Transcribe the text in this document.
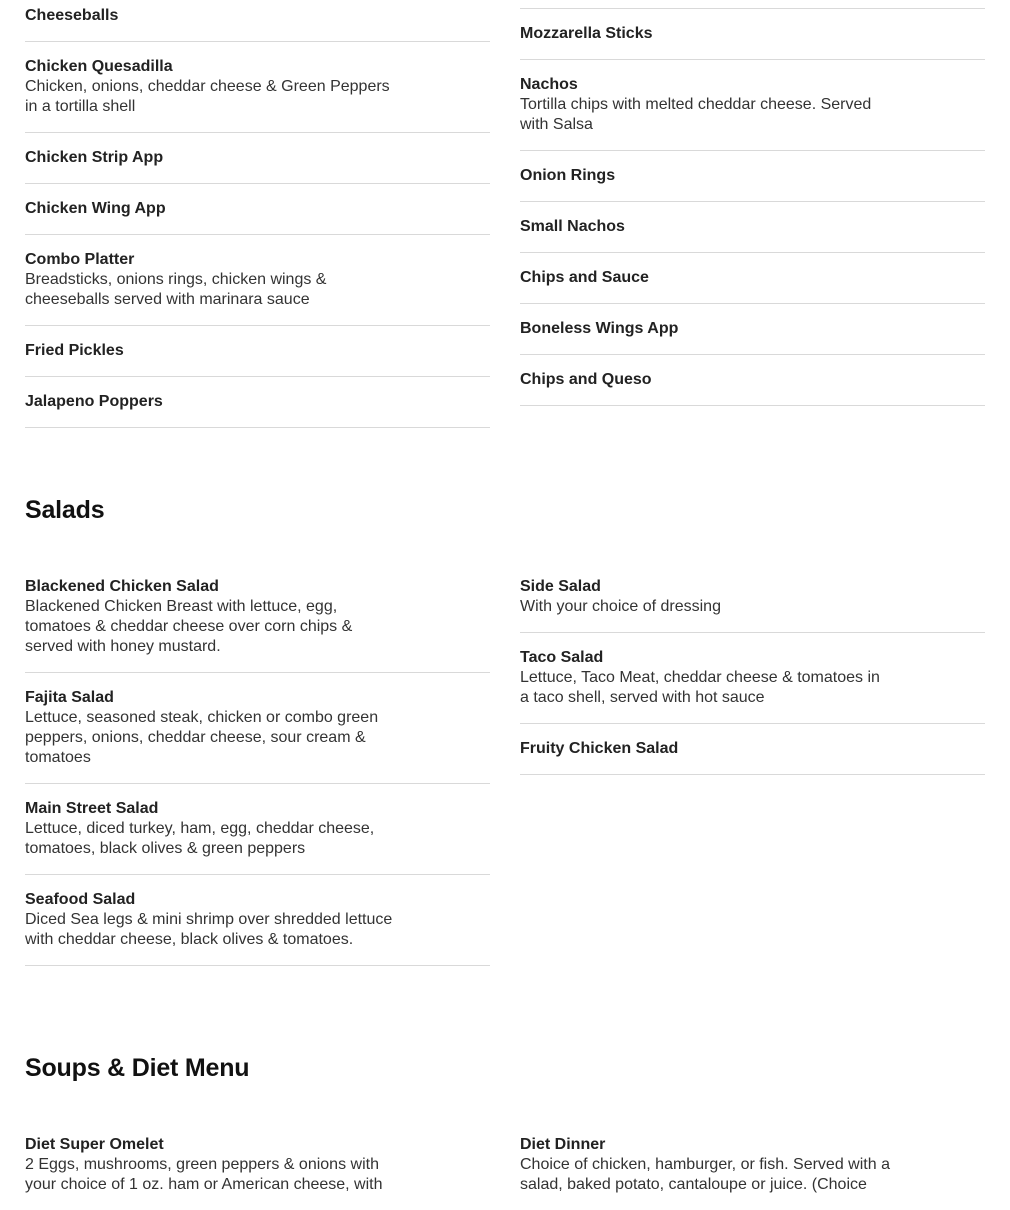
Cheeseballs
Chicken Quesadilla
Chicken, onions, cheddar cheese & Green Peppers in a tortilla shell
Chicken Strip App
Chicken Wing App
Combo Platter
Breadsticks, onions rings, chicken wings & cheeseballs served with marinara sauce
Fried Pickles
Jalapeno Poppers
Mozzarella Sticks
Nachos
Tortilla chips with melted cheddar cheese. Served with Salsa
Onion Rings
Small Nachos
Chips and Sauce
Boneless Wings App
Chips and Queso
Salads
Blackened Chicken Salad
Blackened Chicken Breast with lettuce, egg, tomatoes & cheddar cheese over corn chips & served with honey mustard.
Fajita Salad
Lettuce, seasoned steak, chicken or combo green peppers, onions, cheddar cheese, sour cream & tomatoes
Main Street Salad
Lettuce, diced turkey, ham, egg, cheddar cheese, tomatoes, black olives & green peppers
Seafood Salad
Diced Sea legs & mini shrimp over shredded lettuce with cheddar cheese, black olives & tomatoes.
Side Salad
With your choice of dressing
Taco Salad
Lettuce, Taco Meat, cheddar cheese & tomatoes in a taco shell, served with hot sauce
Fruity Chicken Salad
Soups & Diet Menu
Diet Super Omelet
2 Eggs, mushrooms, green peppers & onions with your choice of 1 oz. ham or American cheese, with
Diet Dinner
Choice of chicken, hamburger, or fish. Served with a salad, baked potato, cantaloupe or juice. (Choice
